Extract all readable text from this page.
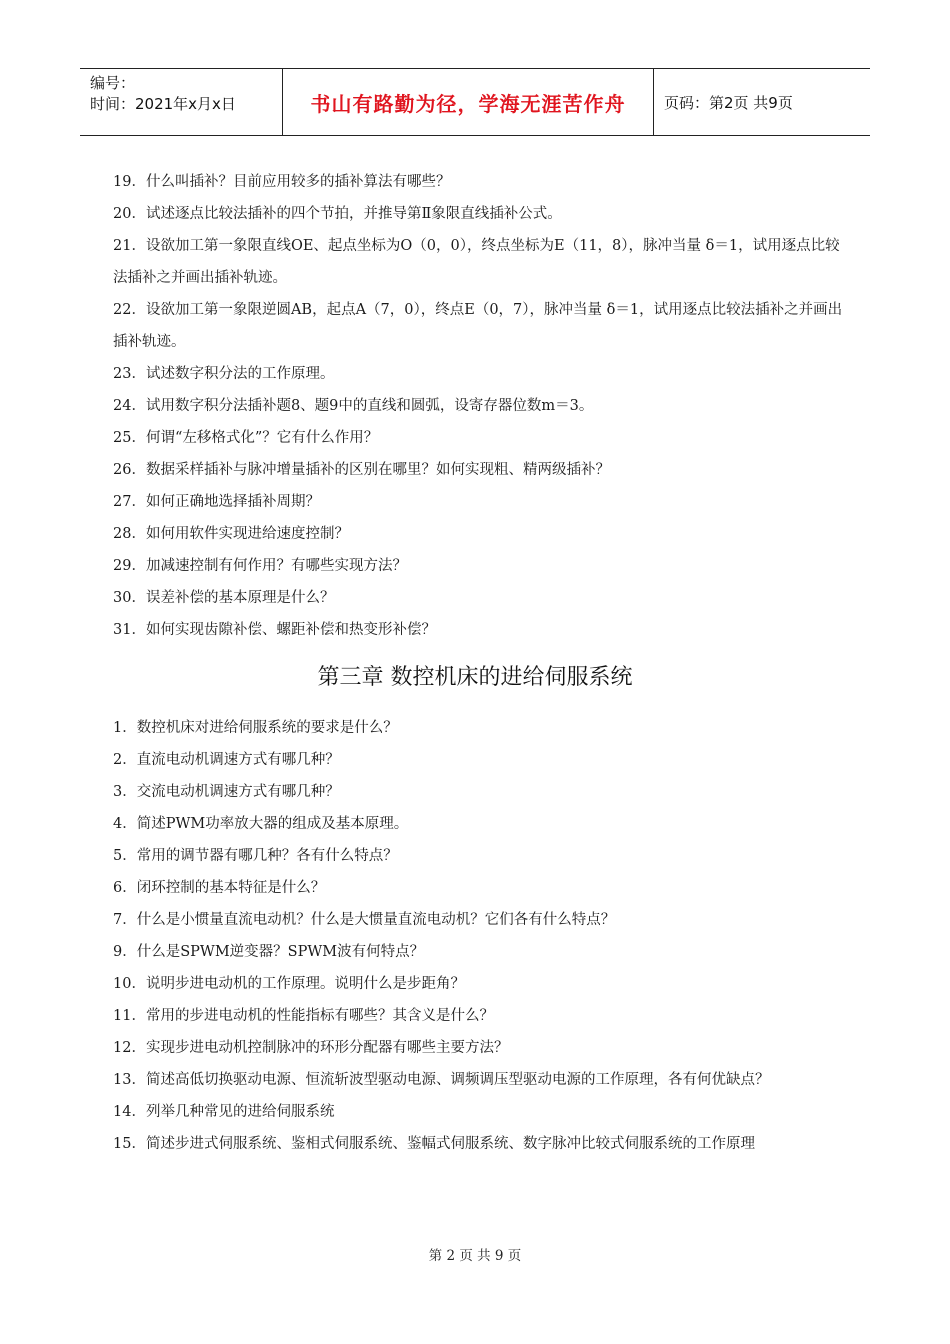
编号：
时间：2021年x月x日	书山有路勤为径，学海无涯苦作舟	页码：第2页 共9页
19．什么叫插补？目前应用较多的插补算法有哪些？
20．试述逐点比较法插补的四个节拍，并推导第Ⅱ象限直线插补公式。
21．设欲加工第一象限直线OE、起点坐标为O（0，0），终点坐标为E（11，8），脉冲当量 δ＝1，试用逐点比较法插补之并画出插补轨迹。
22．设欲加工第一象限逆圆AB，起点A（7，0），终点E（0，7），脉冲当量 δ＝1，试用逐点比较法插补之并画出插补轨迹。
23．试述数字积分法的工作原理。
24．试用数字积分法插补题8、题9中的直线和圆弧，设寄存器位数m＝3。
25．何谓“左移格式化”？它有什么作用？
26．数据采样插补与脉冲增量插补的区别在哪里？如何实现粗、精两级插补？
27．如何正确地选择插补周期？
28．如何用软件实现进给速度控制？
29．加减速控制有何作用？有哪些实现方法？
30．误差补偿的基本原理是什么？
31．如何实现齿隙补偿、螺距补偿和热变形补偿？
第三章 数控机床的进给伺服系统
1．数控机床对进给伺服系统的要求是什么？
2．直流电动机调速方式有哪几种？
3．交流电动机调速方式有哪几种？
4．简述PWM功率放大器的组成及基本原理。
5．常用的调节器有哪几种？各有什么特点？
6．闭环控制的基本特征是什么？
7．什么是小惯量直流电动机？什么是大惯量直流电动机？它们各有什么特点？
9．什么是SPWM逆变器？SPWM波有何特点？
10．说明步进电动机的工作原理。说明什么是步距角？
11．常用的步进电动机的性能指标有哪些？其含义是什么？
12．实现步进电动机控制脉冲的环形分配器有哪些主要方法？
13．简述高低切换驱动电源、恒流斩波型驱动电源、调频调压型驱动电源的工作原理，各有何优缺点？
14．列举几种常见的进给伺服系统
15．简述步进式伺服系统、鉴相式伺服系统、鉴幅式伺服系统、数字脉冲比较式伺服系统的工作原理
第 2 页 共 9 页
